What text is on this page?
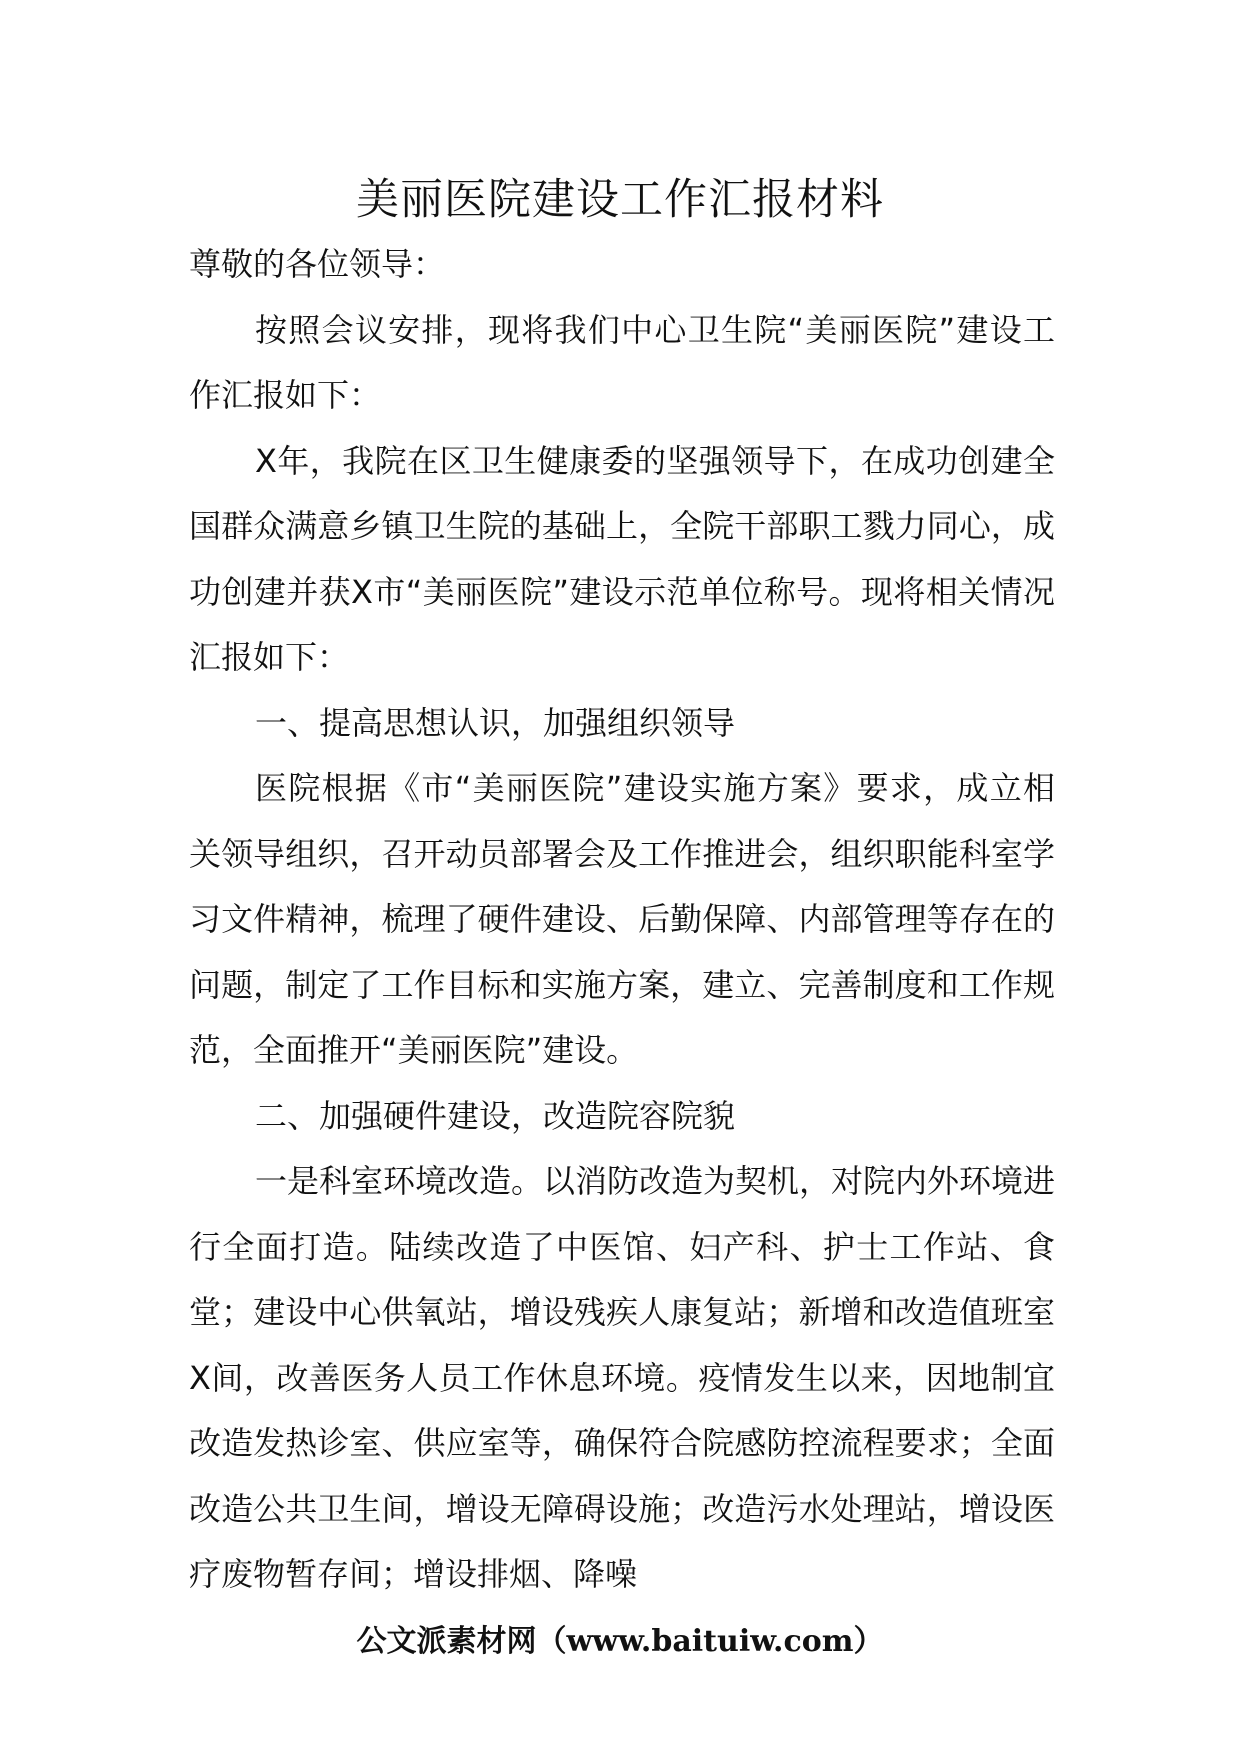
美丽医院建设工作汇报材料

尊敬的各位领导：

按照会议安排，现将我们中心卫生院“美丽医院”建设工作汇报如下：

X年，我院在区卫生健康委的坚强领导下，在成功创建全国群众满意乡镇卫生院的基础上，全院干部职工戮力同心，成功创建并获X市“美丽医院”建设示范单位称号。现将相关情况汇报如下：

一、提高思想认识，加强组织领导

医院根据《市“美丽医院”建设实施方案》要求，成立相关领导组织，召开动员部署会及工作推进会，组织职能科室学习文件精神，梳理了硬件建设、后勤保障、内部管理等存在的问题，制定了工作目标和实施方案，建立、完善制度和工作规范，全面推开“美丽医院”建设。

二、加强硬件建设，改造院容院貌

一是科室环境改造。以消防改造为契机，对院内外环境进行全面打造。陆续改造了中医馆、妇产科、护士工作站、食堂；建设中心供氧站，增设残疾人康复站；新增和改造值班室X间，改善医务人员工作休息环境。疫情发生以来，因地制宜改造发热诊室、供应室等，确保符合院感防控流程要求；全面改造公共卫生间，增设无障碍设施；改造污水处理站，增设医疗废物暂存间；增设排烟、降噪

公文派素材网（www.baituiw.com）
